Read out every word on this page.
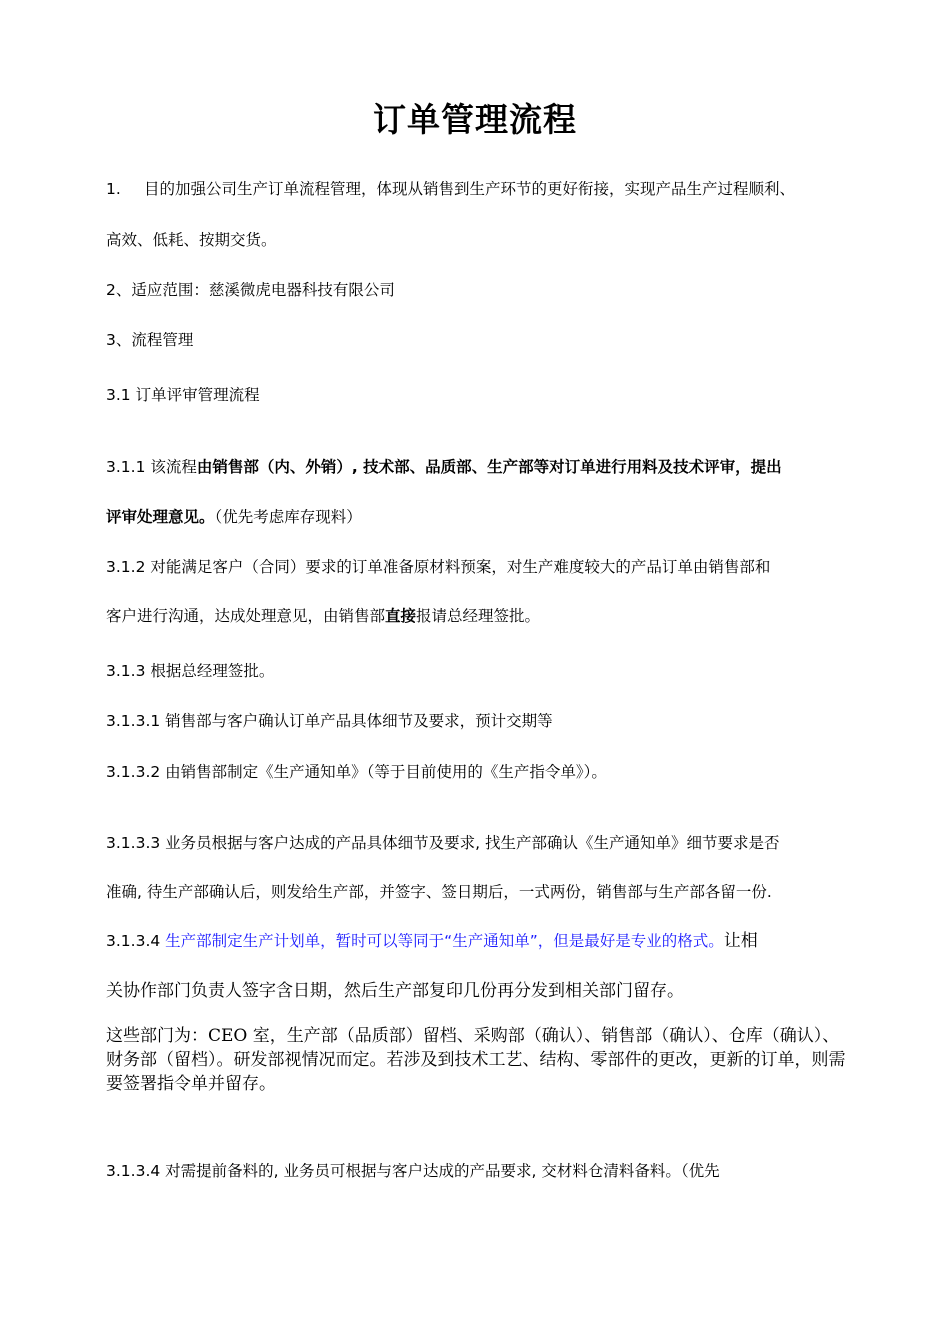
订单管理流程
1. 目的加强公司生产订单流程管理，体现从销售到生产环节的更好衔接，实现产品生产过程顺利、
高效、低耗、按期交货。
2、适应范围：慈溪微虎电器科技有限公司
3、流程管理
3.1 订单评审管理流程
3.1.1 该流程由销售部（内、外销）, 技术部、品质部、生产部等对订单进行用料及技术评审，提出
评审处理意见。（优先考虑库存现料）
3.1.2 对能满足客户（合同）要求的订单准备原材料预案，对生产难度较大的产品订单由销售部和
客户进行沟通，达成处理意见，由销售部直接报请总经理签批。
3.1.3 根据总经理签批。
3.1.3.1 销售部与客户确认订单产品具体细节及要求，预计交期等
3.1.3.2 由销售部制定《生产通知单》（等于目前使用的《生产指令单》）。
3.1.3.3 业务员根据与客户达成的产品具体细节及要求, 找生产部确认《生产通知单》细节要求是否
准确, 待生产部确认后，则发给生产部，并签字、签日期后，一式两份，销售部与生产部各留一份.
3.1.3.4 生产部制定生产计划单，暂时可以等同于“生产通知单”，但是最好是专业的格式。让相
关协作部门负责人签字含日期，然后生产部复印几份再分发到相关部门留存。
这些部门为：CEO 室，生产部（品质部）留档、采购部（确认）、销售部（确认）、仓库（确认）、财务部（留档）。研发部视情况而定。若涉及到技术工艺、结构、零部件的更改，更新的订单，则需要签署指令单并留存。
3.1.3.4 对需提前备料的, 业务员可根据与客户达成的产品要求, 交材料仓清料备料。（优先
